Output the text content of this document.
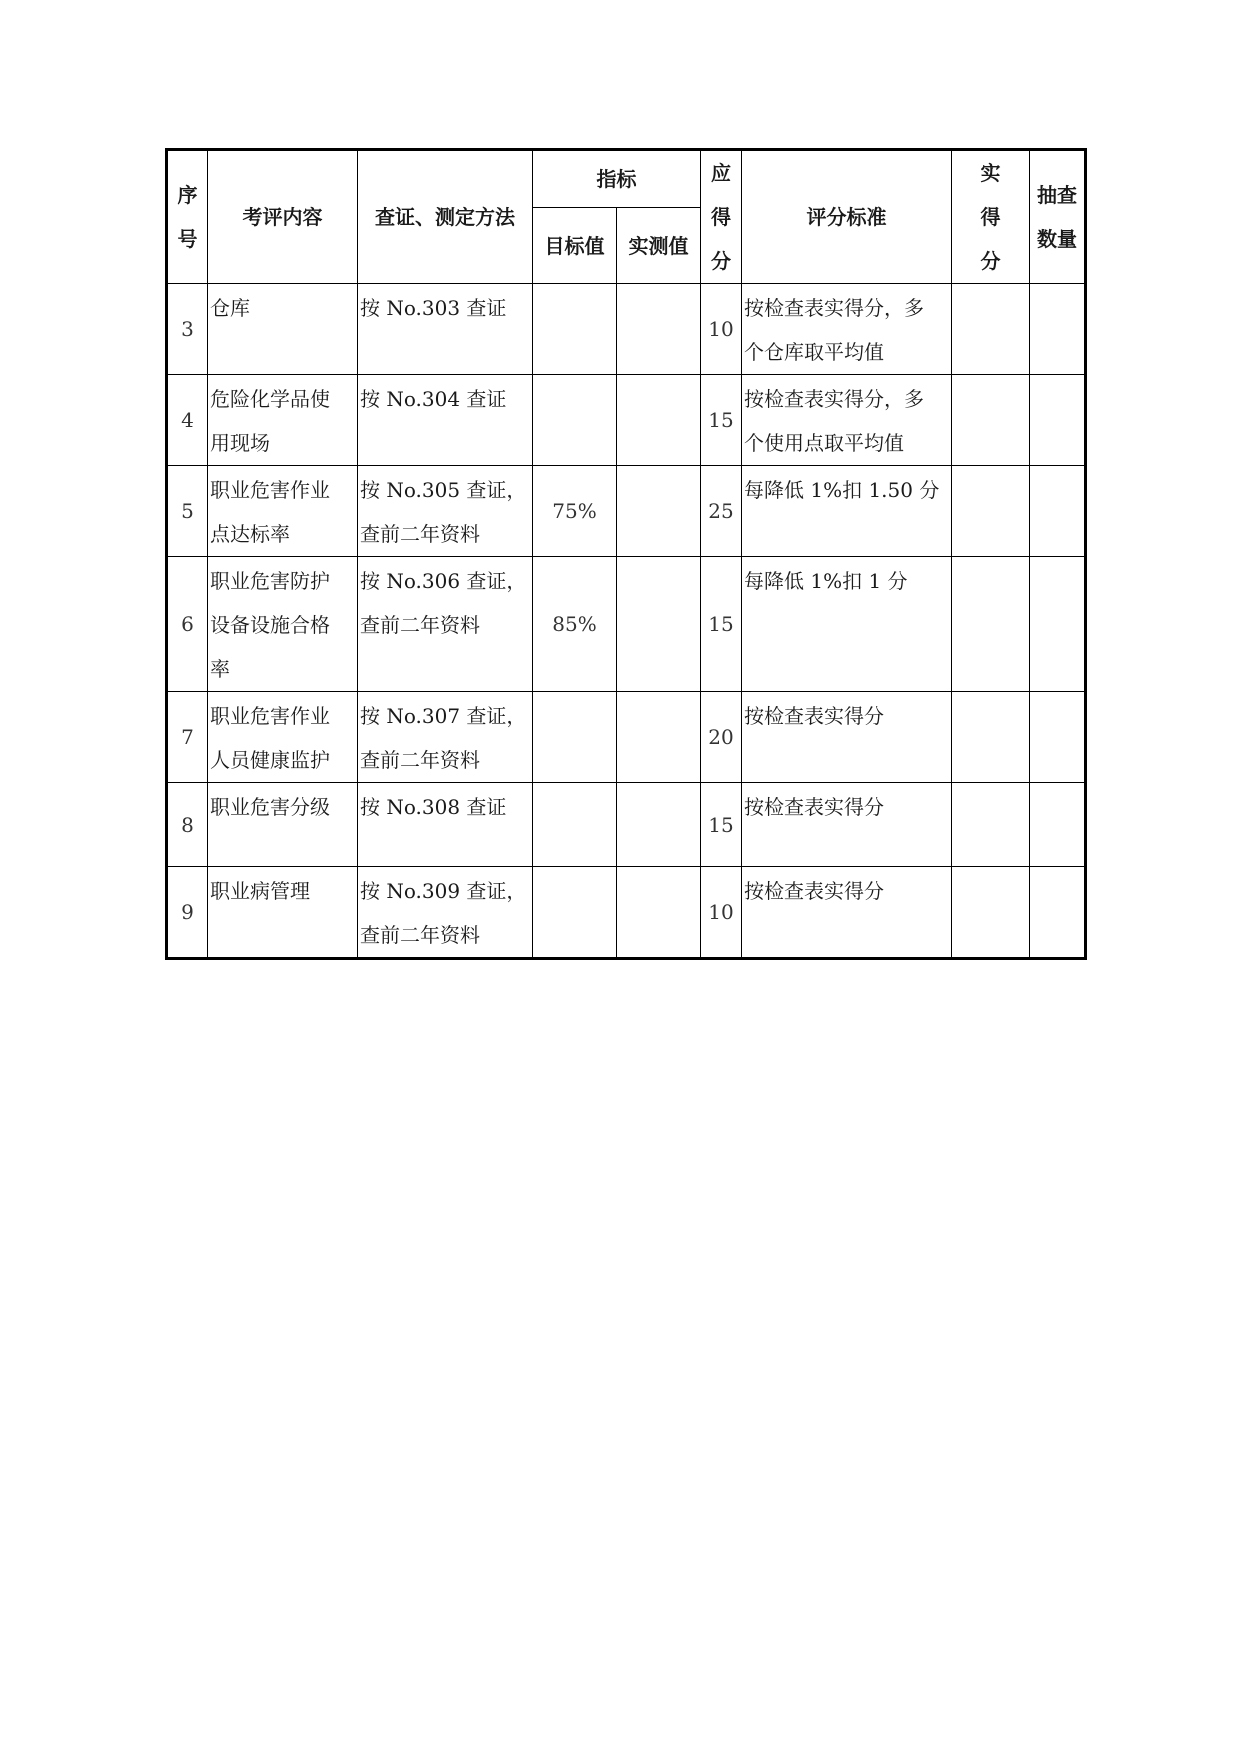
序
号	考评内容	查证、测定方法	指标		应
得
分	评分标准	实
得
分	抽查
数量

			目标值	实测值				
3	仓库	按 No.303 查证			10	按检查表实得分，多
个仓库取平均值		

4	危险化学品使
用现场	按 No.304 查证			15	按检查表实得分，多
个使用点取平均值		

5	职业危害作业
点达标率	按 No.305 查证，
查前二年资料	75%		25	每降低 1%扣 1.50 分		

6	职业危害防护
设备设施合格
率	按 No.306 查证，
查前二年资料	85%		15	每降低 1%扣 1 分		

7	职业危害作业
人员健康监护	按 No.307 查证，
查前二年资料			20	按检查表实得分		

8	职业危害分级	按 No.308 查证			15	按检查表实得分		

9	职业病管理	按 No.309 查证，
查前二年资料			10	按检查表实得分		
